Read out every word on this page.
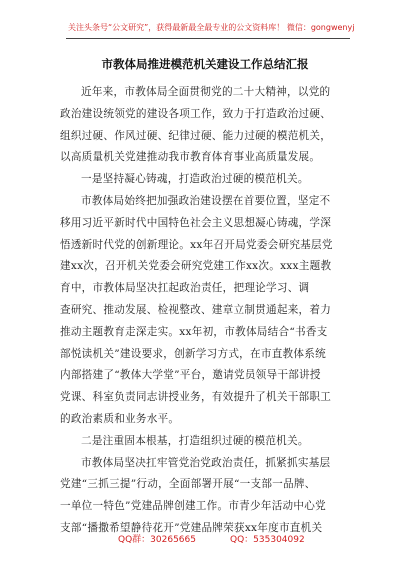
关注头条号“公文研究”，获得最新最全最专业的公文资料库！ 微信：gongwenyj
市教体局推进模范机关建设工作总结汇报
近年来，市教体局全面贯彻党的二十大精神，以党的
政治建设统领党的建设各项工作，致力于打造政治过硬、
组织过硬、作风过硬、纪律过硬、能力过硬的模范机关，
以高质量机关党建推动我市教育体育事业高质量发展。
一是坚持凝心铸魂，打造政治过硬的模范机关。
市教体局始终把加强政治建设摆在首要位置，坚定不
移用习近平新时代中国特色社会主义思想凝心铸魂，学深
悟透新时代党的创新理论。xx年召开局党委会研究基层党
建xx次，召开机关党委会研究党建工作xx次。xxx主题教
育中，市教体局坚决扛起政治责任，把理论学习、调
查研究、推动发展、检视整改、建章立制贯通起来，着力
推动主题教育走深走实。xx年初，市教体局结合“书香支
部悦读机关”建设要求，创新学习方式，在市直教体系统
内部搭建了“教体大学堂”平台，邀请党员领导干部讲授
党课、科室负责同志讲授业务，有效提升了机关干部职工
的政治素质和业务水平。
二是注重固本根基，打造组织过硬的模范机关。
市教体局坚决扛牢管党治党政治责任，抓紧抓实基层
党建“三抓三提”行动，全面部署开展“一支部一品牌、
一单位一特色”党建品牌创建工作。市青少年活动中心党
支部“播撒希望静待花开”党建品牌荣获xx年度市直机关
QQ群：30265665	QQ：535304092
